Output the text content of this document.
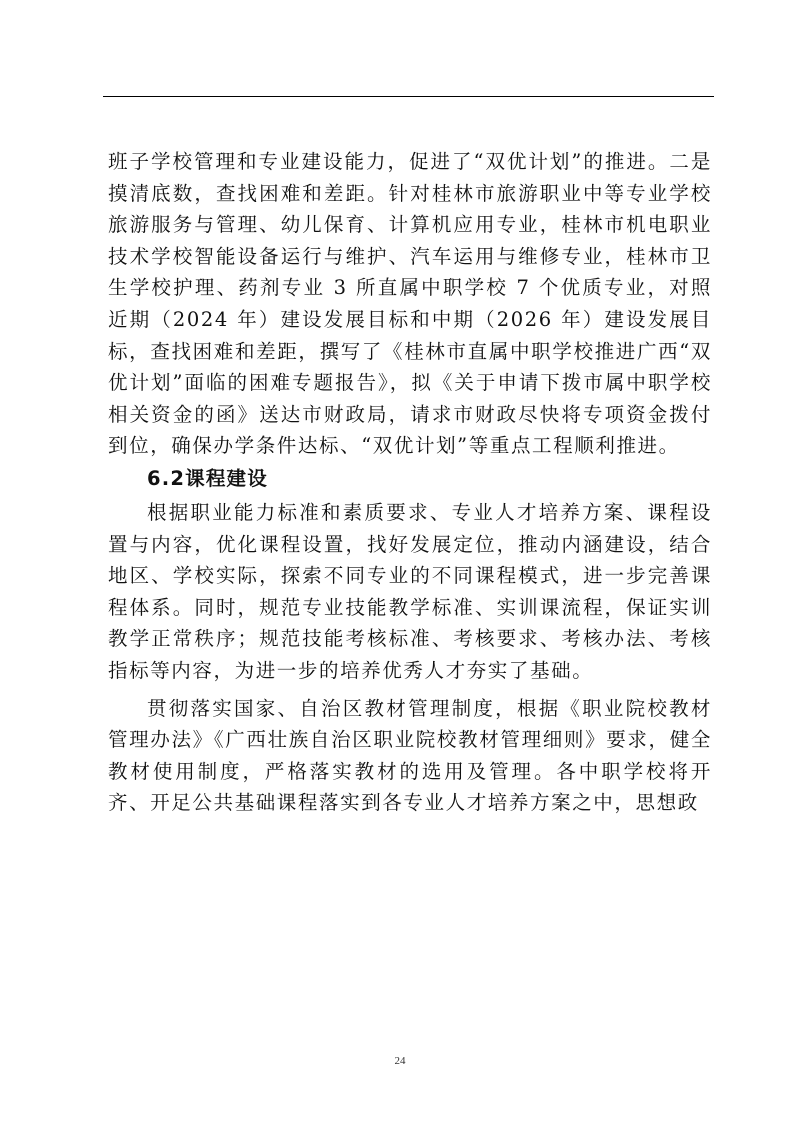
班子学校管理和专业建设能力，促进了“双优计划”的推进。二是摸清底数，查找困难和差距。针对桂林市旅游职业中等专业学校旅游服务与管理、幼儿保育、计算机应用专业，桂林市机电职业技术学校智能设备运行与维护、汽车运用与维修专业，桂林市卫生学校护理、药剂专业 3 所直属中职学校 7 个优质专业，对照近期（2024 年）建设发展目标和中期（2026 年）建设发展目标，查找困难和差距，撰写了《桂林市直属中职学校推进广西“双优计划”面临的困难专题报告》，拟《关于申请下拨市属中职学校相关资金的函》送达市财政局，请求市财政尽快将专项资金拨付到位，确保办学条件达标、“双优计划”等重点工程顺利推进。

6.2课程建设

根据职业能力标准和素质要求、专业人才培养方案、课程设置与内容，优化课程设置，找好发展定位，推动内涵建设，结合地区、学校实际，探索不同专业的不同课程模式，进一步完善课程体系。同时，规范专业技能教学标准、实训课流程，保证实训教学正常秩序；规范技能考核标准、考核要求、考核办法、考核指标等内容，为进一步的培养优秀人才夯实了基础。

贯彻落实国家、自治区教材管理制度，根据《职业院校教材管理办法》《广西壮族自治区职业院校教材管理细则》要求，健全教材使用制度，严格落实教材的选用及管理。各中职学校将开齐、开足公共基础课程落实到各专业人才培养方案之中，思想政

24
